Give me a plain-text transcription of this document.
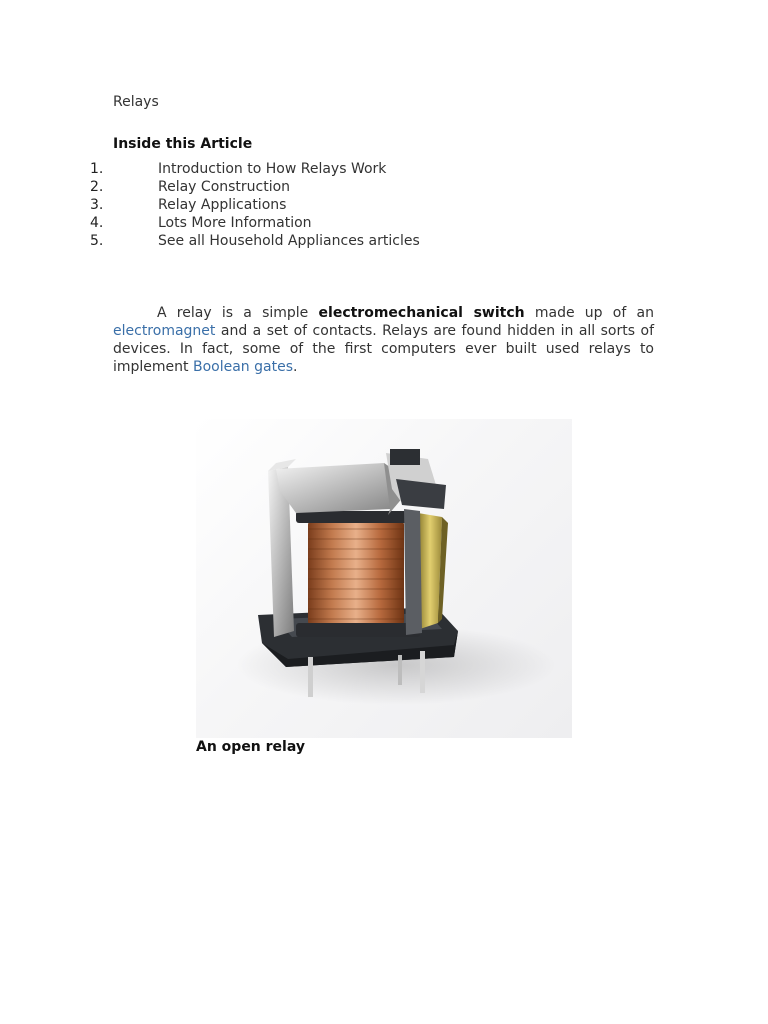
Relays
Inside this Article
1.	Introduction to How Relays Work
2.	Relay Construction
3.	Relay Applications
4.	Lots More Information
5.	See all Household Appliances articles

A relay is a simple electromechanical switch made up of an electromagnet and a set of contacts. Relays are found hidden in all sorts of devices. In fact, some of the first computers ever built used relays to implement Boolean gates.

An open relay
